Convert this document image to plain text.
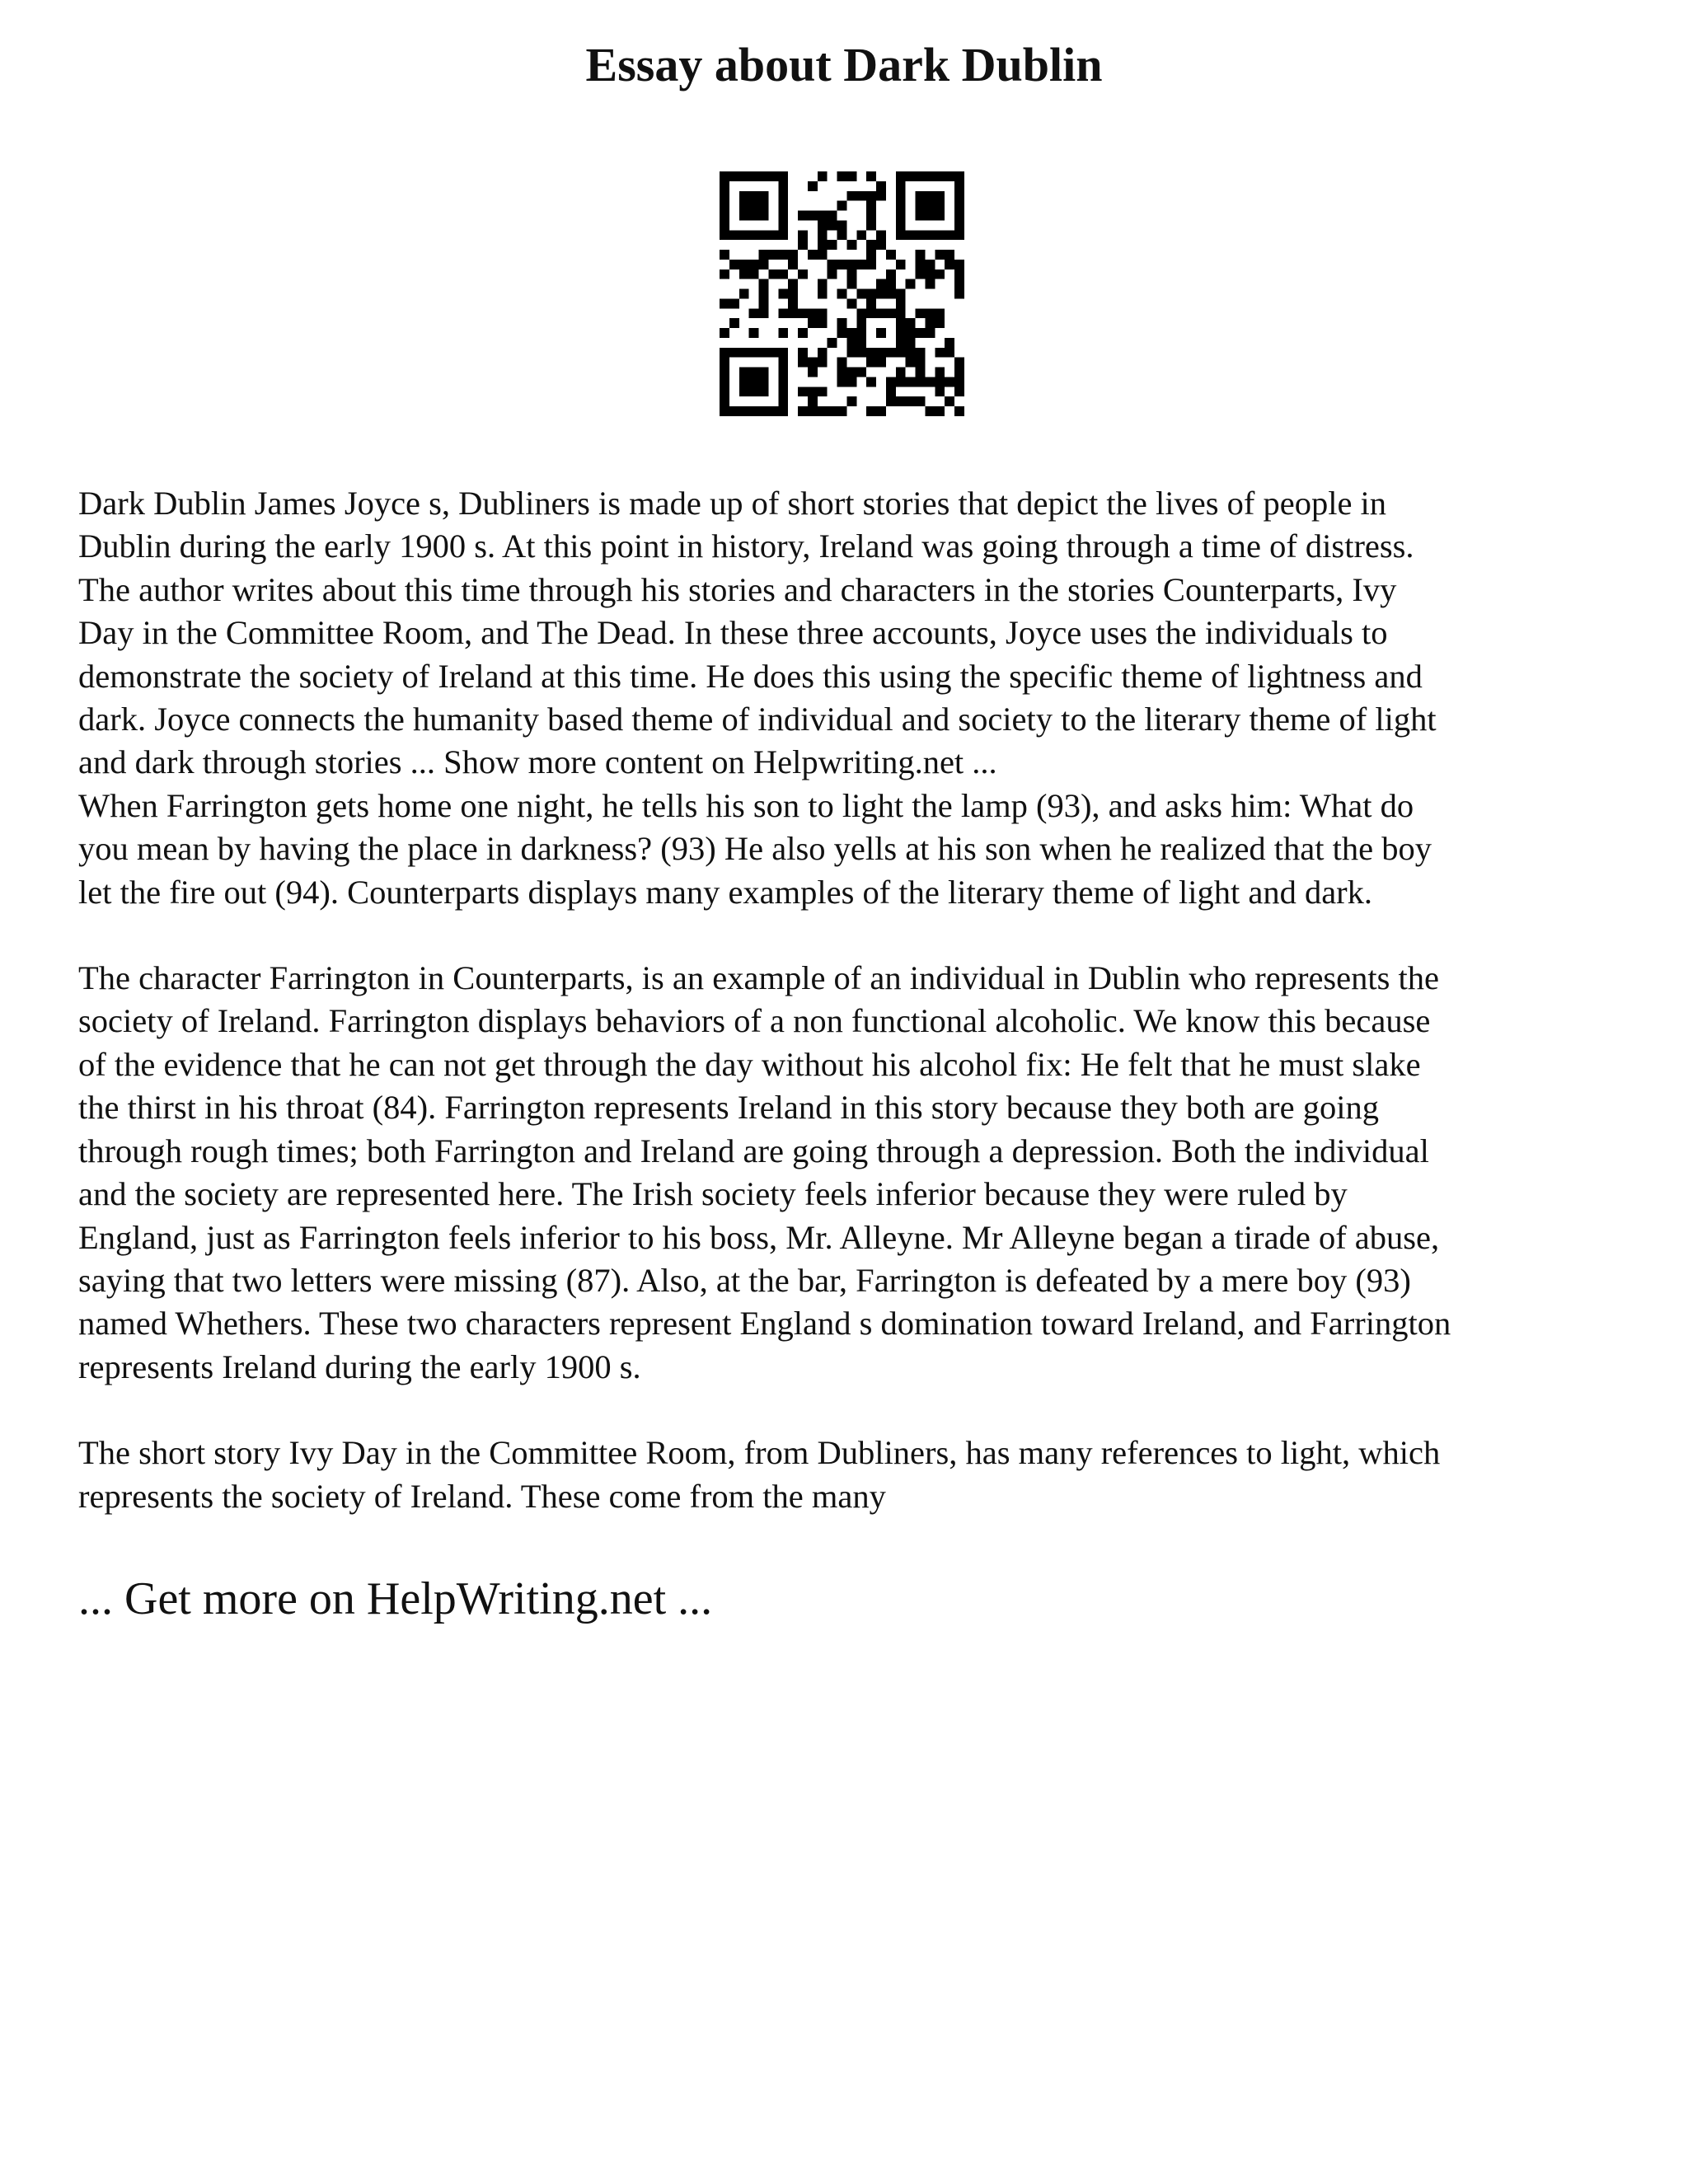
Essay about Dark Dublin

Dark Dublin James Joyce s, Dubliners is made up of short stories that depict the lives of people in
Dublin during the early 1900 s. At this point in history, Ireland was going through a time of distress.
The author writes about this time through his stories and characters in the stories Counterparts, Ivy
Day in the Committee Room, and The Dead. In these three accounts, Joyce uses the individuals to
demonstrate the society of Ireland at this time. He does this using the specific theme of lightness and
dark. Joyce connects the humanity based theme of individual and society to the literary theme of light
and dark through stories ... Show more content on Helpwriting.net ...

When Farrington gets home one night, he tells his son to light the lamp (93), and asks him: What do
you mean by having the place in darkness? (93) He also yells at his son when he realized that the boy
let the fire out (94). Counterparts displays many examples of the literary theme of light and dark.

The character Farrington in Counterparts, is an example of an individual in Dublin who represents the
society of Ireland. Farrington displays behaviors of a non functional alcoholic. We know this because
of the evidence that he can not get through the day without his alcohol fix: He felt that he must slake
the thirst in his throat (84). Farrington represents Ireland in this story because they both are going
through rough times; both Farrington and Ireland are going through a depression. Both the individual
and the society are represented here. The Irish society feels inferior because they were ruled by
England, just as Farrington feels inferior to his boss, Mr. Alleyne. Mr Alleyne began a tirade of abuse,
saying that two letters were missing (87). Also, at the bar, Farrington is defeated by a mere boy (93)
named Whethers. These two characters represent England s domination toward Ireland, and Farrington
represents Ireland during the early 1900 s.

The short story Ivy Day in the Committee Room, from Dubliners, has many references to light, which
represents the society of Ireland. These come from the many

... Get more on HelpWriting.net ...
